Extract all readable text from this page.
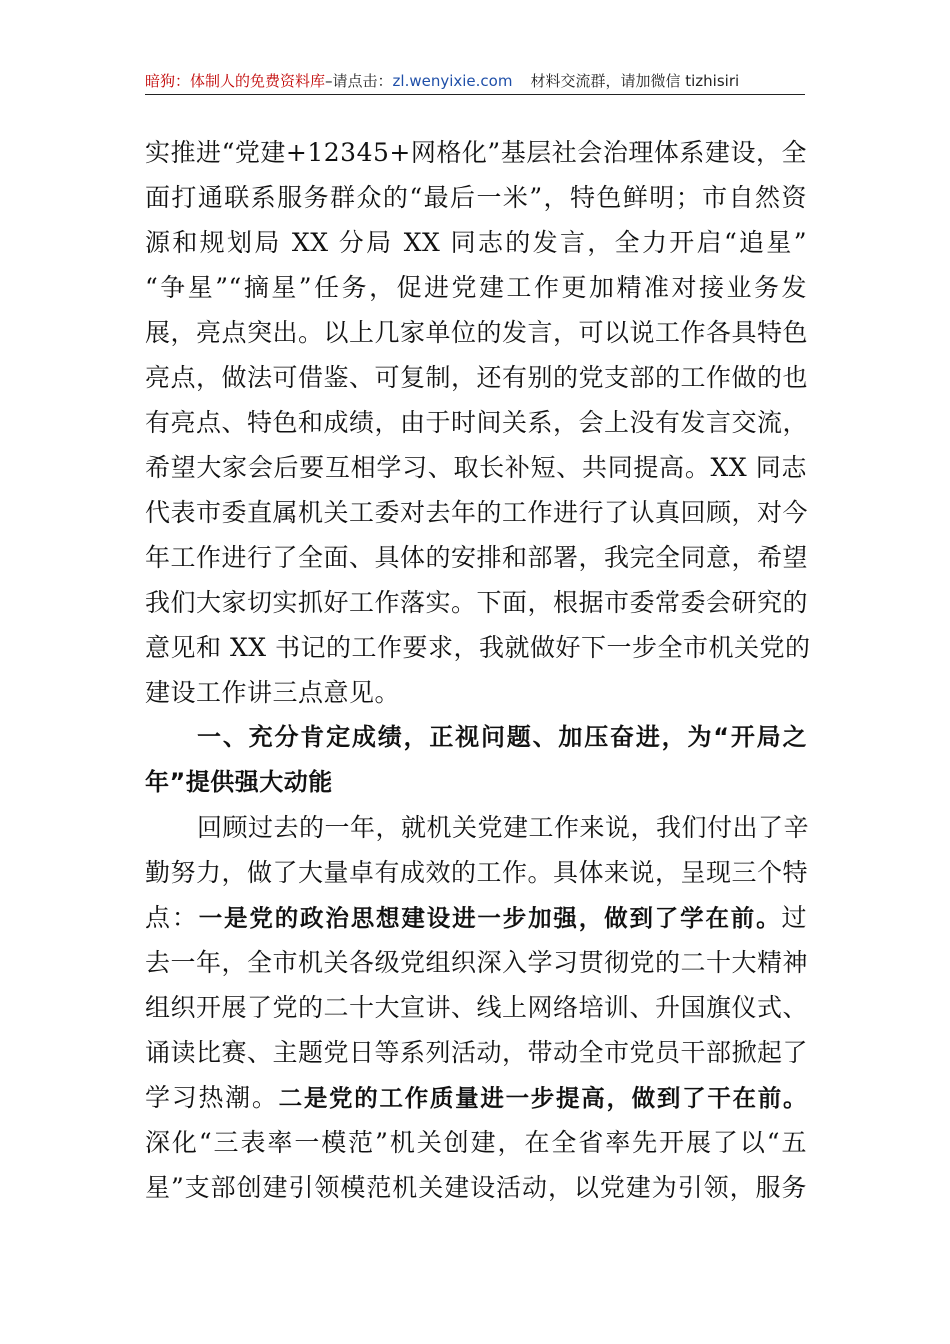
暗狗：体制人的免费资料库 –请点击： zl.wenyixie.com 材料交流群，请加微信 tizhisiri
实推进“党建+12345+网格化”基层社会治理体系建设，全
面打通联系服务群众的“最后一米”，特色鲜明；市自然资
源和规划局 XX 分局 XX 同志的发言，全力开启“追星”
“争星”“摘星”任务，促进党建工作更加精准对接业务发
展，亮点突出。以上几家单位的发言，可以说工作各具特色
亮点，做法可借鉴、可复制，还有别的党支部的工作做的也
有亮点、特色和成绩，由于时间关系，会上没有发言交流，
希望大家会后要互相学习、取长补短、共同提高。XX 同志
代表市委直属机关工委对去年的工作进行了认真回顾，对今
年工作进行了全面、具体的安排和部署，我完全同意，希望
我们大家切实抓好工作落实。下面，根据市委常委会研究的
意见和 XX 书记的工作要求，我就做好下一步全市机关党的
建设工作讲三点意见。
一、充分肯定成绩，正视问题、加压奋进，为“开局之
年”提供强大动能
回顾过去的一年，就机关党建工作来说，我们付出了辛
勤努力，做了大量卓有成效的工作。具体来说，呈现三个特
点：一是党的政治思想建设进一步加强，做到了学在前。过
去一年，全市机关各级党组织深入学习贯彻党的二十大精神
组织开展了党的二十大宣讲、线上网络培训、升国旗仪式、
诵读比赛、主题党日等系列活动，带动全市党员干部掀起了
学习热潮。二是党的工作质量进一步提高，做到了干在前。
深化“三表率一模范”机关创建，在全省率先开展了以“五
星”支部创建引领模范机关建设活动，以党建为引领，服务
